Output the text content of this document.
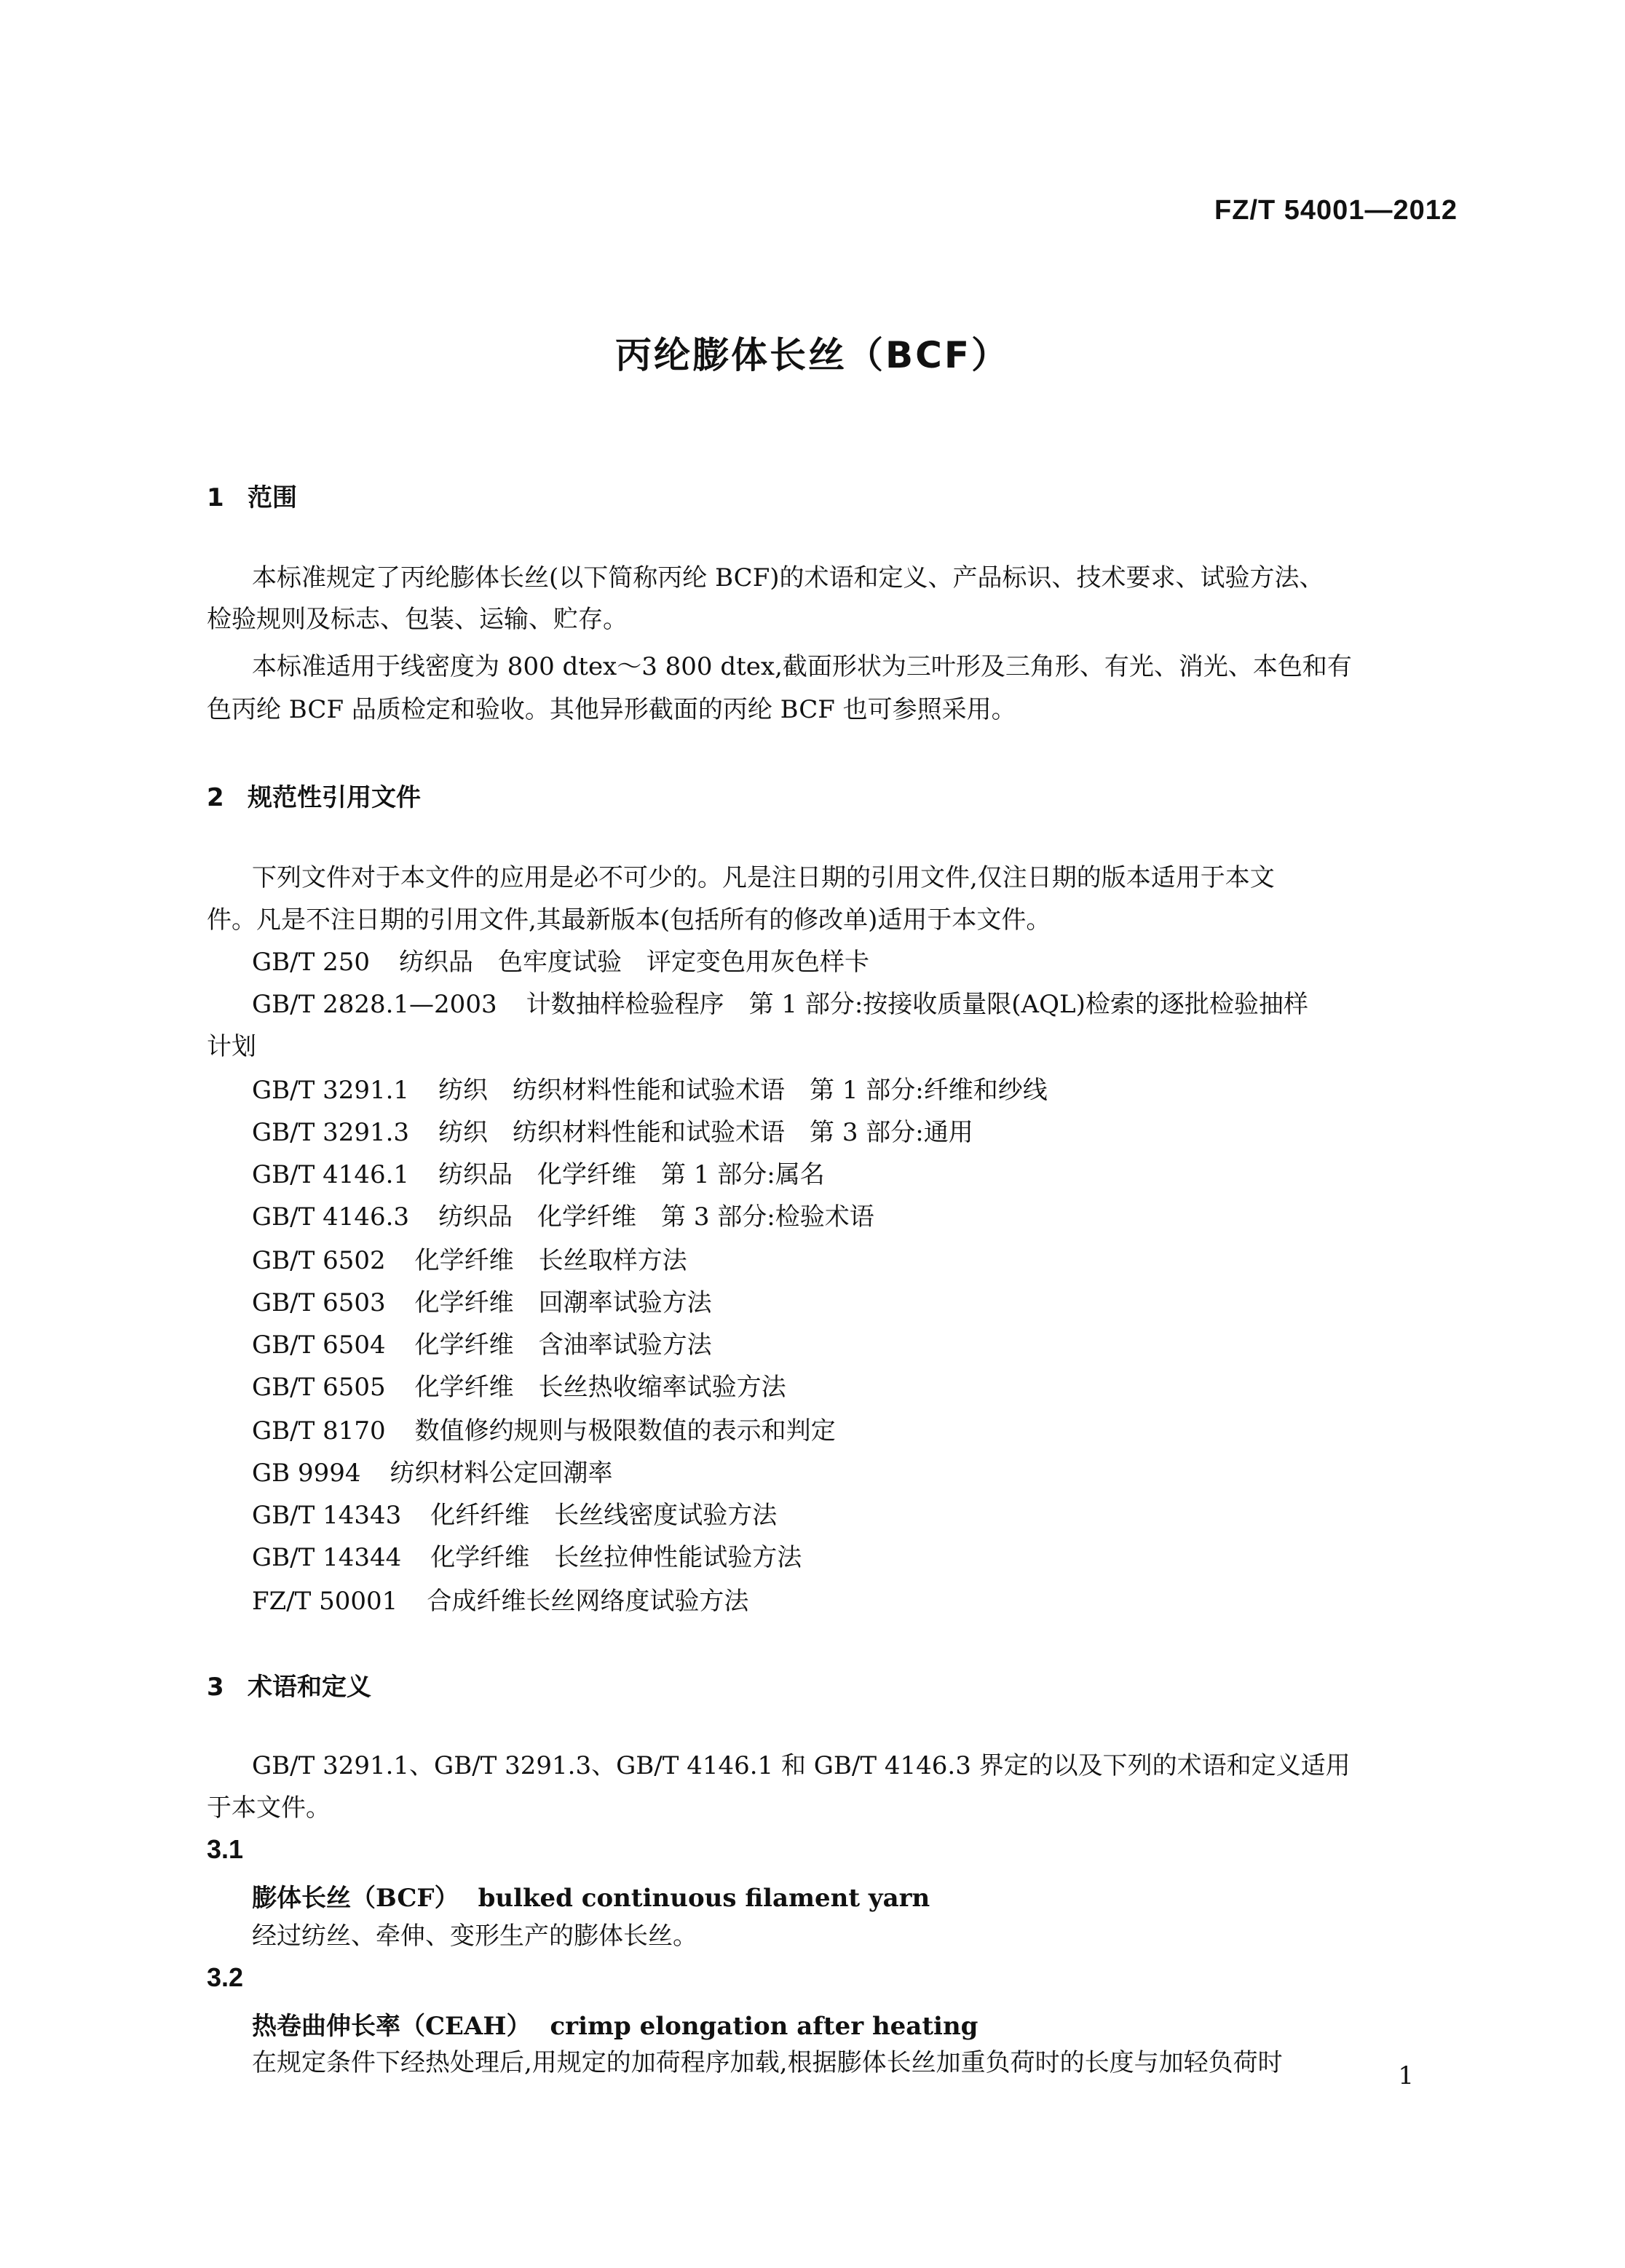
FZ/T 54001—2012
丙纶膨体长丝（BCF）
1 范围
本标准规定了丙纶膨体长丝(以下简称丙纶 BCF)的术语和定义、产品标识、技术要求、试验方法、
检验规则及标志、包装、运输、贮存。
本标准适用于线密度为 800 dtex～3 800 dtex,截面形状为三叶形及三角形、有光、消光、本色和有
色丙纶 BCF 品质检定和验收。其他异形截面的丙纶 BCF 也可参照采用。
2 规范性引用文件
下列文件对于本文件的应用是必不可少的。凡是注日期的引用文件,仅注日期的版本适用于本文
件。凡是不注日期的引用文件,其最新版本(包括所有的修改单)适用于本文件。
GB/T 250 纺织品　色牢度试验　评定变色用灰色样卡
GB/T 2828.1—2003 计数抽样检验程序　第 1 部分:按接收质量限(AQL)检索的逐批检验抽样
计划
GB/T 3291.1 纺织　纺织材料性能和试验术语　第 1 部分:纤维和纱线
GB/T 3291.3 纺织　纺织材料性能和试验术语　第 3 部分:通用
GB/T 4146.1 纺织品　化学纤维　第 1 部分:属名
GB/T 4146.3 纺织品　化学纤维　第 3 部分:检验术语
GB/T 6502 化学纤维　长丝取样方法
GB/T 6503 化学纤维　回潮率试验方法
GB/T 6504 化学纤维　含油率试验方法
GB/T 6505 化学纤维　长丝热收缩率试验方法
GB/T 8170 数值修约规则与极限数值的表示和判定
GB 9994 纺织材料公定回潮率
GB/T 14343 化纤纤维　长丝线密度试验方法
GB/T 14344 化学纤维　长丝拉伸性能试验方法
FZ/T 50001 合成纤维长丝网络度试验方法
3 术语和定义
GB/T 3291.1、GB/T 3291.3、GB/T 4146.1 和 GB/T 4146.3 界定的以及下列的术语和定义适用
于本文件。
3.1
膨体长丝（BCF） bulked continuous filament yarn
经过纺丝、牵伸、变形生产的膨体长丝。
3.2
热卷曲伸长率（CEAH） crimp elongation after heating
在规定条件下经热处理后,用规定的加荷程序加载,根据膨体长丝加重负荷时的长度与加轻负荷时	1
